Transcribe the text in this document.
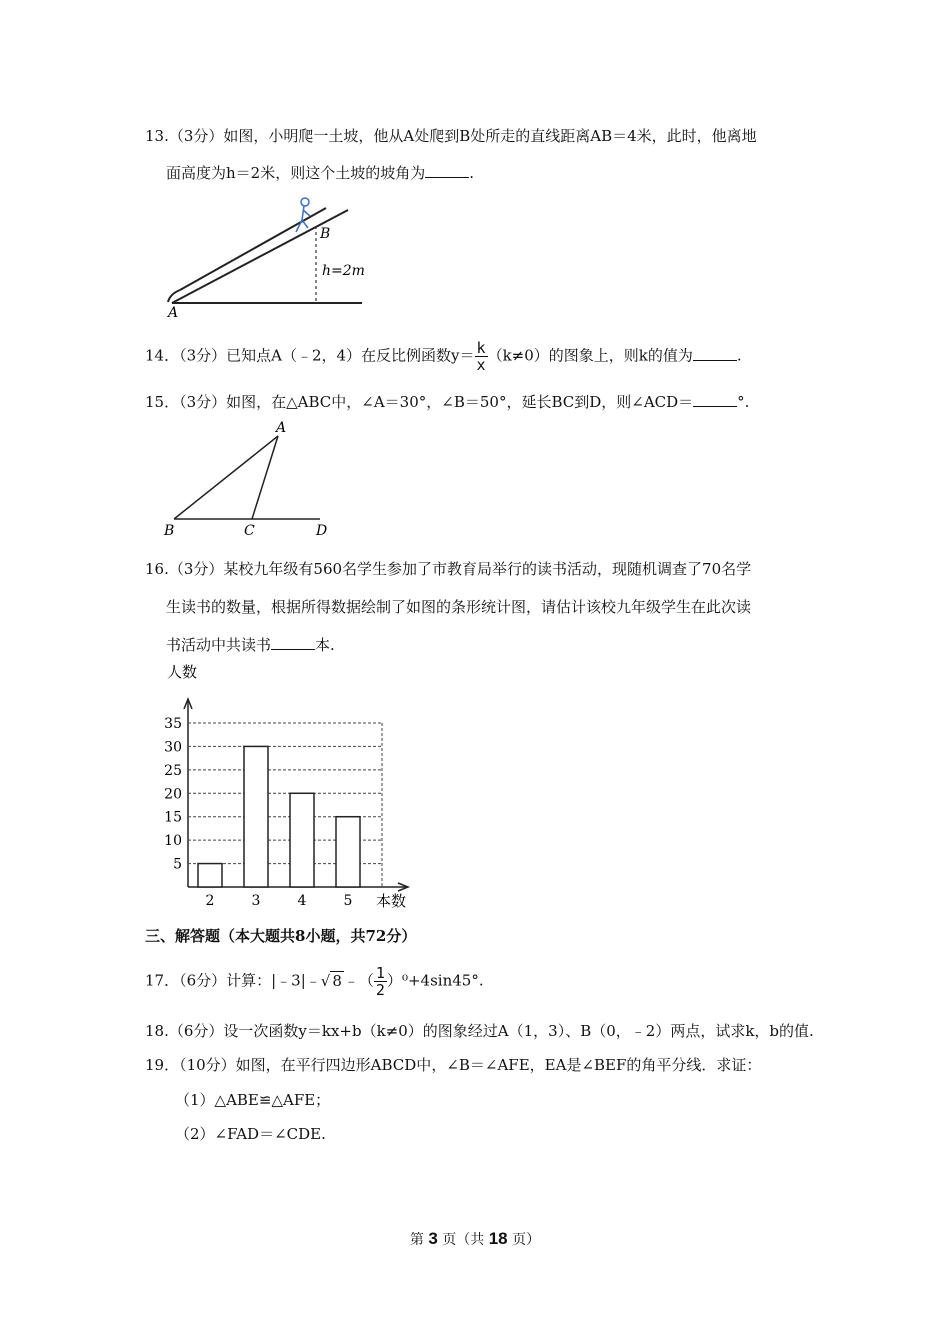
13.（3分）如图，小明爬一土坡，他从A处爬到B处所走的直线距离AB＝4米，此时，他离地
面高度为h＝2米，则这个土坡的坡角为	.
A
B
h=2m
14．（3分）已知点A（﹣2，4）在反比例函数$y= \frac{k}{x} (k\ne 0)$的图象上，则k的值为	.
15．（3分）如图，在△ABC中，∠A＝30°，∠B＝50°，延长BC到D，则∠ACD＝	°.
A
B	C	D
16.（3分）某校九年级有560名学生参加了市教育局举行的读书活动，现随机调查了70名学
生读书的数量，根据所得数据绘制了如图的条形统计图，请估计该校九年级学生在此次读
书活动中共读书	本.
5
10
15
20
25
30
35
2	3	4	5
人数
本数
三、解答题（本大题共8小题，共72分）
17．（6分）计算：|﹣3|﹣√ 8 ﹣（ $\frac{1}{2} )^0+4\sin 45^\circ$.
18.（6分）设一次函数y＝kx+b（k≠0）的图象经过A（1，3）、B（0，﹣2）两点，试求k，b的值.
19．（10分）如图，在平行四边形ABCD中，∠B＝∠AFE，EA是∠BEF的角平分线．求证：
（1）△ABE≌△AFE；
（2）∠FAD＝∠CDE.
第 3 页（共 18 页）
